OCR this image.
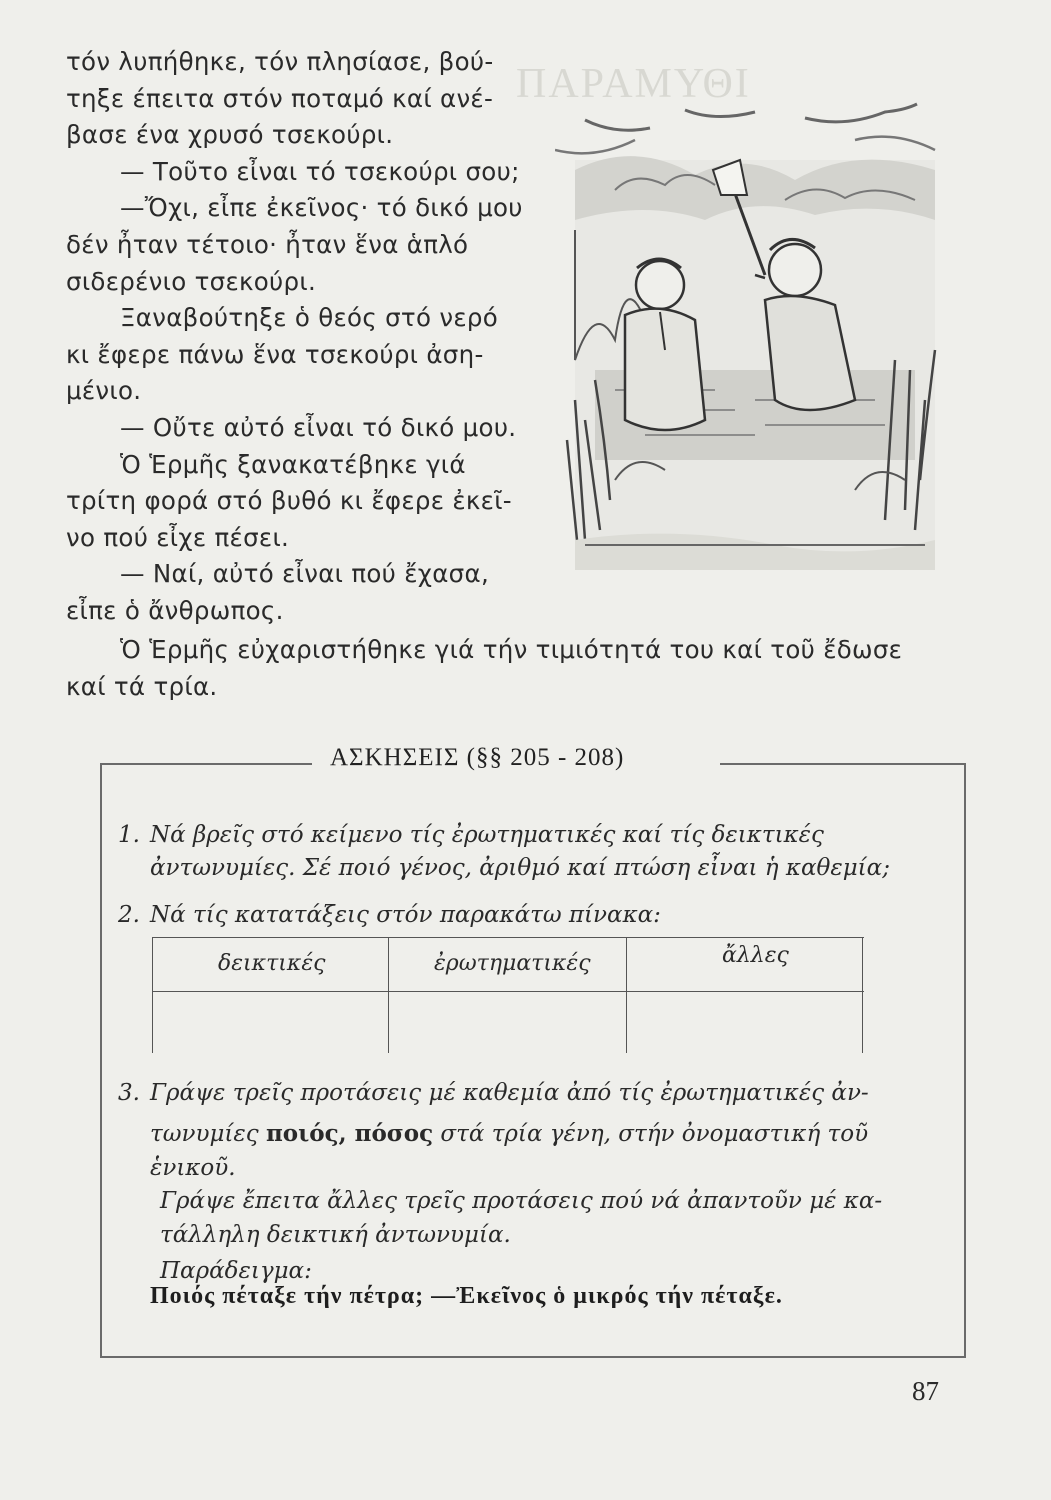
ΠΑΡΑΜΥΘΙ
τόν λυπήθηκε, τόν πλησίασε, βού-
τηξε έπειτα στόν ποταμό καί ανέ-
βασε ένα χρυσό τσεκούρι.
— Τοῦτο εἶναι τό τσεκούρι σου;
—Ὄχι, εἶπε ἐκεῖνος· τό δικό μου
δέν ἦταν τέτοιο· ἦταν ἕνα ἁπλό
σιδερένιο τσεκούρι.
Ξαναβούτηξε ὁ θεός στό νερό
κι ἔφερε πάνω ἕνα τσεκούρι ἀση-
μένιο.
— Οὔτε αὐτό εἶναι τό δικό μου.
Ὁ Ἑρμῆς ξανακατέβηκε γιά
τρίτη φορά στό βυθό κι ἔφερε ἐκεῖ-
νο πού εἶχε πέσει.
— Ναί, αὐτό εἶναι πού ἔχασα,
εἶπε ὁ ἄνθρωπος.
Ὁ Ἑρμῆς εὐχαριστήθηκε γιά τήν τιμιότητά του καί τοῦ ἔδωσε
καί τά τρία.
ΑΣΚΗΣΕΙΣ (§§ 205 - 208)
1. Νά βρεῖς στό κείμενο τίς ἐρωτηματικές καί τίς δεικτικές
ἀντωνυμίες. Σέ ποιό γένος, ἀριθμό καί πτώση εἶναι ἡ καθεμία;
2. Νά τίς κατατάξεις στόν παρακάτω πίνακα:
δεικτικές	ἐρωτηματικές	ἄλλες
3. Γράψε τρεῖς προτάσεις μέ καθεμία ἀπό τίς ἐρωτηματικές ἀν-
τωνυμίες ποιός, πόσος στά τρία γένη, στήν ὀνομαστική τοῦ
ἑνικοῦ.
Γράψε ἔπειτα ἄλλες τρεῖς προτάσεις πού νά ἀπαντοῦν μέ κα-
τάλληλη δεικτική ἀντωνυμία.
Παράδειγμα:
Ποιός πέταξε τήν πέτρα; —Ἐκεῖνος ὁ μικρός τήν πέταξε.
87
